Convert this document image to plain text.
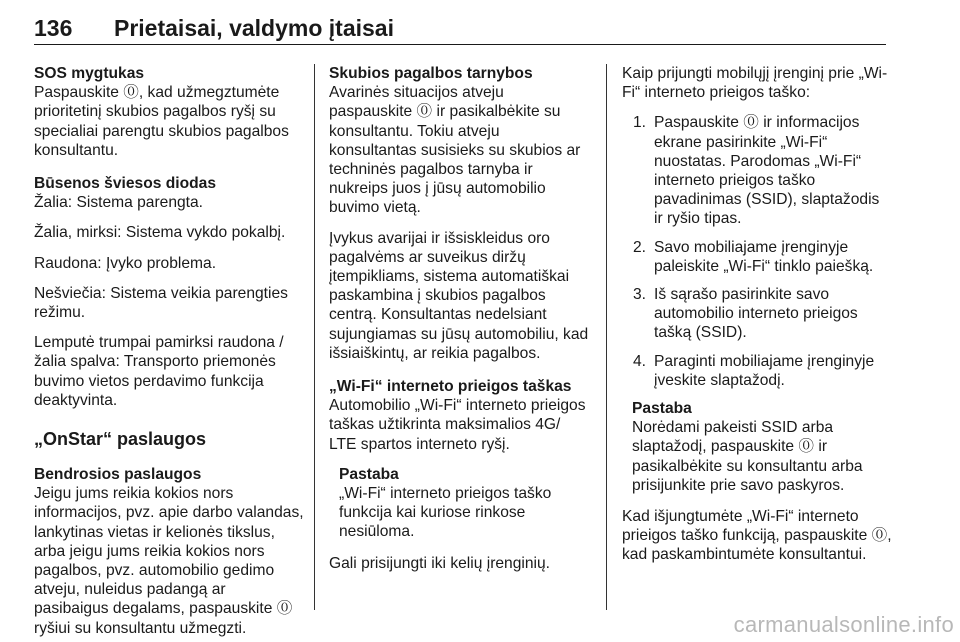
136	Prietaisai, valdymo įtaisai
SOS mygtukas
Paspauskite ⓪, kad užmegztumėte prioritetinį skubios pagalbos ryšį su specialiai parengtu skubios pagalbos konsultantu.
Būsenos šviesos diodas

Žalia: Sistema parengta.

Žalia, mirksi: Sistema vykdo pokalbį.

Raudona: Įvyko problema.

Nešviečia: Sistema veikia parengties režimu.

Lemputė trumpai pamirksi raudona / žalia spalva: Transporto priemonės buvimo vietos perdavimo funkcija deaktyvinta.

„OnStar“ paslaugos
Bendrosios paslaugos
Jeigu jums reikia kokios nors informacijos, pvz. apie darbo valandas, lankytinas vietas ir kelionės tikslus, arba jeigu jums reikia kokios nors pagalbos, pvz. automobilio gedimo atveju, nuleidus padangą ar pasibaigus degalams, paspauskite ⓪ ryšiui su konsultantu užmegzti.
Skubios pagalbos tarnybos

Avarinės situacijos atveju paspauskite ⓪ ir pasikalbėkite su konsultantu. Tokiu atveju konsultantas susisieks su skubios ar techninės pagalbos tarnyba ir nukreips juos į jūsų automobilio buvimo vietą.

Įvykus avarijai ir išsiskleidus oro pagalvėms ar suveikus diržų įtempikliams, sistema automatiškai paskambina į skubios pagalbos centrą. Konsultantas nedelsiant sujungiamas su jūsų automobiliu, kad išsiaiškintų, ar reikia pagalbos.

„Wi-Fi“ interneto prieigos taškas

Automobilio „Wi-Fi“ interneto prieigos taškas užtikrinta maksimalios 4G/ LTE spartos interneto ryšį.

Pastaba
„Wi-Fi“ interneto prieigos taško funkcija kai kuriose rinkose nesiūloma.

Gali prisijungti iki kelių įrenginių.

Kaip prijungti mobilųjį įrenginį prie „Wi-Fi“ interneto prieigos taško:

1. Paspauskite ⓪ ir informacijos ekrane pasirinkite „Wi-Fi“ nuostatas. Parodomas „Wi-Fi“ interneto prieigos taško pavadinimas (SSID), slaptažodis ir ryšio tipas.
2. Savo mobiliajame įrenginyje paleiskite „Wi-Fi“ tinklo paiešką.
3. Iš sąrašo pasirinkite savo automobilio interneto prieigos tašką (SSID).
4. Paraginti mobiliajame įrenginyje įveskite slaptažodį.
Pastaba
Norėdami pakeisti SSID arba slaptažodį, paspauskite ⓪ ir pasikalbėkite su konsultantu arba prisijunkite prie savo paskyros.

Kad išjungtumėte „Wi-Fi“ interneto prieigos taško funkciją, paspauskite ⓪, kad paskambintumėte konsultantui.

carmanualsonline.info
